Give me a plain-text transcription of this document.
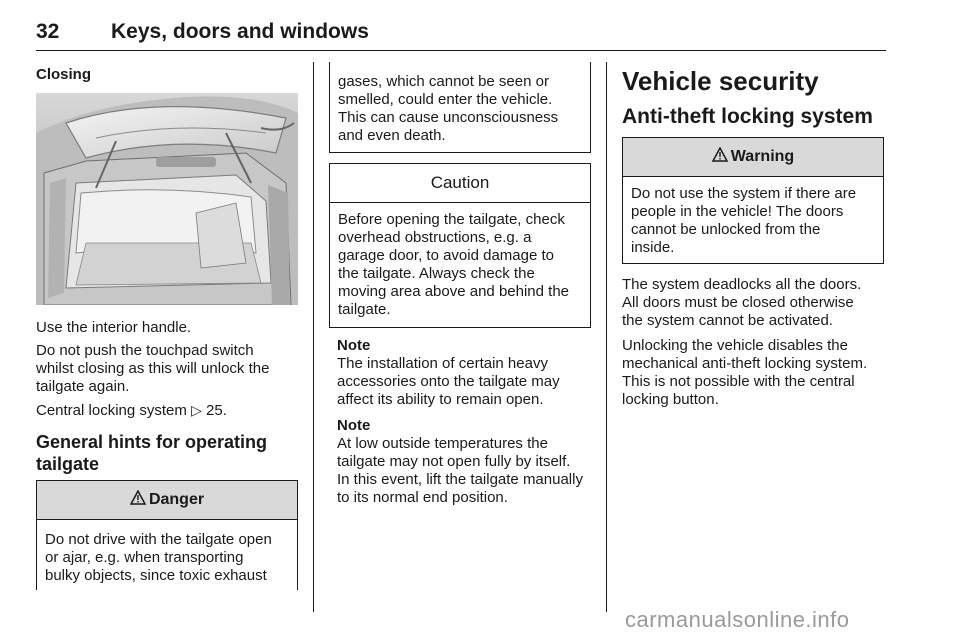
32 Keys, doors and windows

Closing

Use the interior handle.

Do not push the touchpad switch
whilst closing as this will unlock the
tailgate again.

Central locking system ▷ 25.

General hints for operating
tailgate

Danger
Do not drive with the tailgate open
or ajar, e.g. when transporting
bulky objects, since toxic exhaust
gases, which cannot be seen or
smelled, could enter the vehicle.
This can cause unconsciousness
and even death.
Caution
Before opening the tailgate, check
overhead obstructions, e.g. a
garage door, to avoid damage to
the tailgate. Always check the
moving area above and behind the
tailgate.

Note

The installation of certain heavy
accessories onto the tailgate may
affect its ability to remain open.

Note

At low outside temperatures the
tailgate may not open fully by itself.
In this event, lift the tailgate manually
to its normal end position.

Vehicle security

Anti-theft locking system

Warning
Do not use the system if there are
people in the vehicle! The doors
cannot be unlocked from the
inside.

The system deadlocks all the doors.
All doors must be closed otherwise
the system cannot be activated.

Unlocking the vehicle disables the
mechanical anti-theft locking system.
This is not possible with the central
locking button.

carmanualsonline.info
